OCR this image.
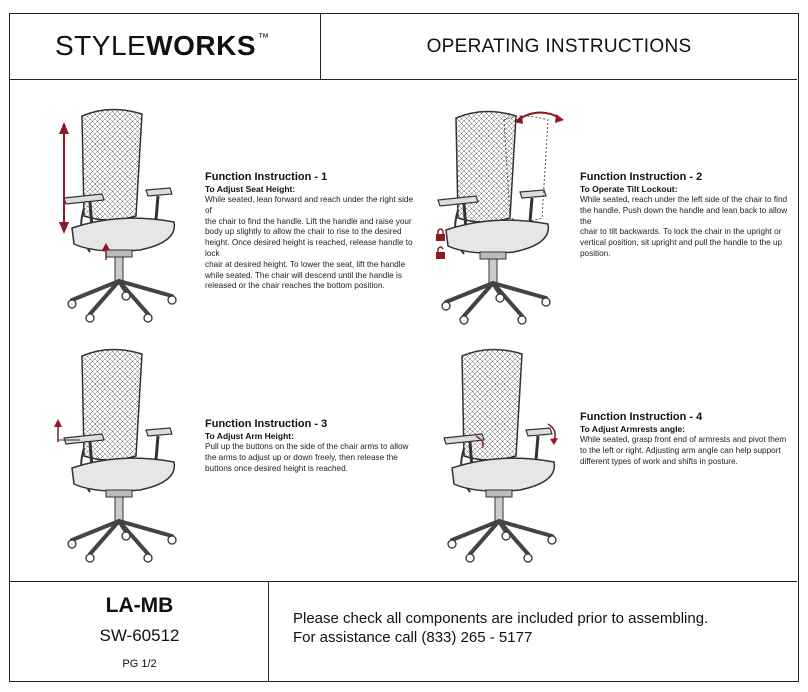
STYLEWORKS ™	OPERATING INSTRUCTIONS
Function Instruction - 1
To Adjust Seat Height:
While seated, lean forward and reach under the right side of
the chair to find the handle. Lift the handle and raise your
body up slightly to allow the chair to rise to the desired
height. Once desired height is reached, release handle to lock
chair at desired height. To lower the seat, lift the handle
while seated. The chair will descend until the handle is
released or the chair reaches the bottom position.
Function Instruction - 2
To Operate Tilt Lockout:
While seated, reach under the left side of the chair to find
the handle. Push down the handle and lean back to allow the
chair to tilt backwards. To lock the chair in the upright or
vertical position, sit upright and pull the handle to the up
position.
Function Instruction - 3
To Adjust Arm Height:
Pull up the buttons on the side of the chair arms to allow
the arms to adjust up or down freely, then release the
buttons once desired height is reached.
Function Instruction - 4
To Adjust Armrests angle:
While seated, grasp front end of armrests and pivot them
to the left or right. Adjusting arm angle can help support
different types of work and shifts in posture.
LA-MB
SW-60512
PG 1/2
Please check all components are included prior to assembling.
For assistance call (833) 265 - 5177
